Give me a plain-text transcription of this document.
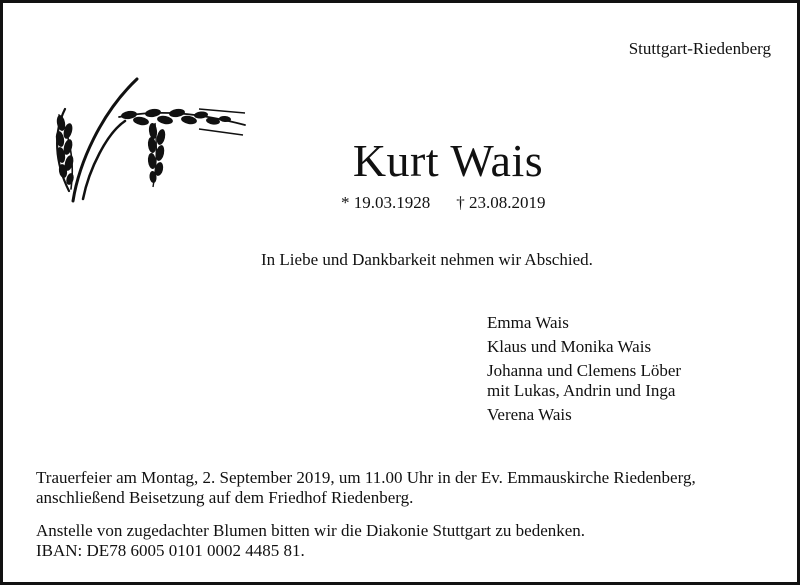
Stuttgart-Riedenberg
Kurt Wais
* 19.03.1928 † 23.08.2019
In Liebe und Dankbarkeit nehmen wir Abschied.
Emma Wais
Klaus und Monika Wais
Johanna und Clemens Löber
mit Lukas, Andrin und Inga
Verena Wais
Trauerfeier am Montag, 2. September 2019, um 11.00 Uhr in der Ev. Emmauskirche Riedenberg,
anschließend Beisetzung auf dem Friedhof Riedenberg.
Anstelle von zugedachter Blumen bitten wir die Diakonie Stuttgart zu bedenken.
IBAN: DE78 6005 0101 0002 4485 81.
